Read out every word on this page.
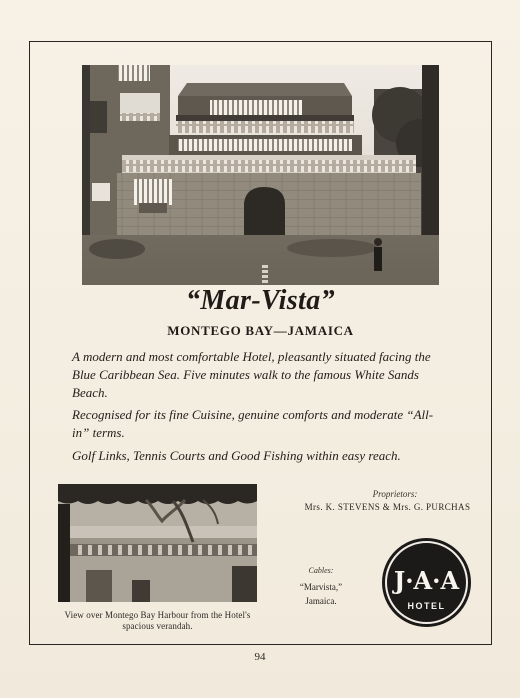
“Mar-Vista”
MONTEGO BAY—JAMAICA
A modern and most comfortable Hotel, pleasantly situated facing the Blue Caribbean Sea. Five minutes walk to the famous White Sands Beach.
Recognised for its fine Cuisine, genuine comforts and moderate “All-in” terms.
Golf Links, Tennis Courts and Good Fishing within easy reach.
View over Montego Bay Harbour from the Hotel's spacious verandah.
Proprietors:
Mrs. K. STEVENS & Mrs. G. PURCHAS
Cables:
“Marvista,”
Jamaica.
J·A·A
HOTEL
94
